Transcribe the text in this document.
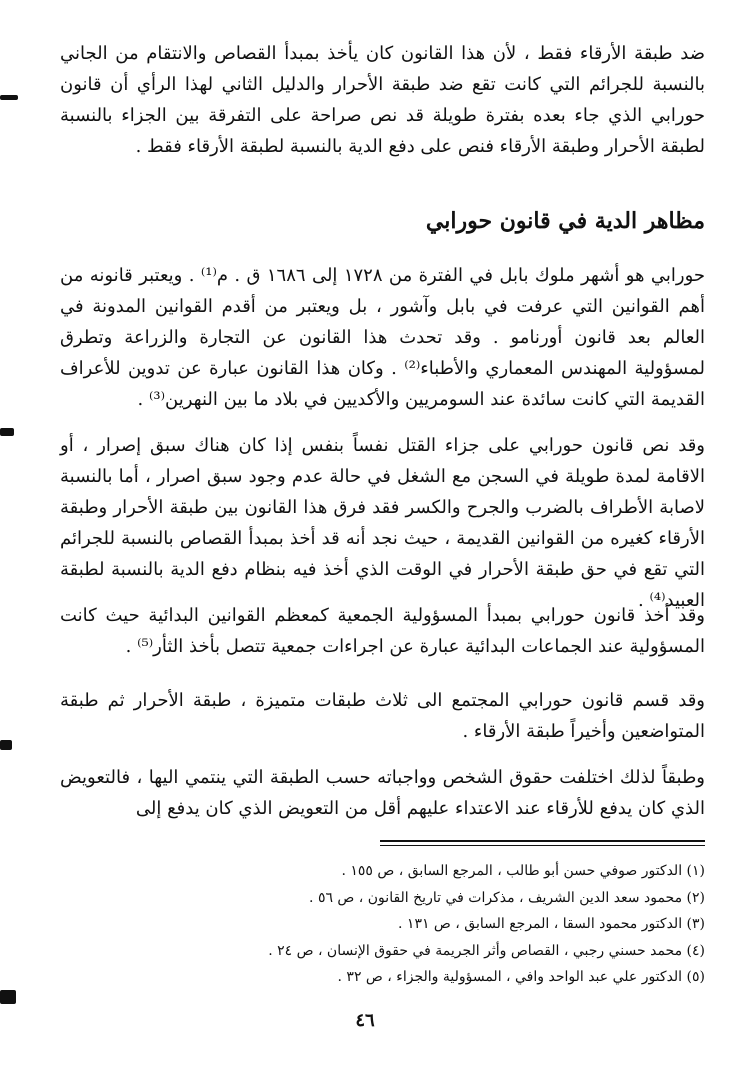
ضد طبقة الأرقاء فقط ، لأن هذا القانون كان يأخذ بمبدأ القصاص والانتقام من الجاني بالنسبة للجرائم التي كانت تقع ضد طبقة الأحرار والدليل الثاني لهذا الرأي أن قانون حورابي الذي جاء بعده بفترة طويلة قد نص صراحة على التفرقة بين الجزاء بالنسبة لطبقة الأحرار وطبقة الأرقاء فنص على دفع الدية بالنسبة لطبقة الأرقاء فقط .

مظاهر الدية في قانون حورابي

حورابي هو أشهر ملوك بابل في الفترة من ١٧٢٨ إلى ١٦٨٦ ق . م⁽¹⁾ . ويعتبر قانونه من أهم القوانين التي عرفت في بابل وآشور ، بل ويعتبر من أقدم القوانين المدونة في العالم بعد قانون أورنامو . وقد تحدث هذا القانون عن التجارة والزراعة وتطرق لمسؤولية المهندس المعماري والأطباء⁽²⁾ . وكان هذا القانون عبارة عن تدوين للأعراف القديمة التي كانت سائدة عند السومريين والأكديين في بلاد ما بين النهرين⁽³⁾ .

وقد نص قانون حورابي على جزاء القتل نفساً بنفس إذا كان هناك سبق إصرار ، أو الاقامة لمدة طويلة في السجن مع الشغل في حالة عدم وجود سبق اصرار ، أما بالنسبة لاصابة الأطراف بالضرب والجرح والكسر فقد فرق هذا القانون بين طبقة الأحرار وطبقة الأرقاء كغيره من القوانين القديمة ، حيث نجد أنه قد أخذ بمبدأ القصاص بالنسبة للجرائم التي تقع في حق طبقة الأحرار في الوقت الذي أخذ فيه بنظام دفع الدية بالنسبة لطبقة العبيد⁽⁴⁾ .

وقد أخذ قانون حورابي بمبدأ المسؤولية الجمعية كمعظم القوانين البدائية حيث كانت المسؤولية عند الجماعات البدائية عبارة عن اجراءات جمعية تتصل بأخذ الثأر⁽⁵⁾ .

وقد قسم قانون حورابي المجتمع الى ثلاث طبقات متميزة ، طبقة الأحرار ثم طبقة المتواضعين وأخيراً طبقة الأرقاء .

وطبقاً لذلك اختلفت حقوق الشخص وواجباته حسب الطبقة التي ينتمي اليها ، فالتعويض الذي كان يدفع للأرقاء عند الاعتداء عليهم أقل من التعويض الذي كان يدفع إلى

(١) الدكتور صوفي حسن أبو طالب ، المرجع السابق ، ص ١٥٥ .
(٢) محمود سعد الدين الشريف ، مذكرات في تاريخ القانون ، ص ٥٦ .
(٣) الدكتور محمود السقا ، المرجع السابق ، ص ١٣١ .
(٤) محمد حسني رجبي ، القصاص وأثر الجريمة في حقوق الإنسان ، ص ٢٤ .
(٥) الدكتور علي عبد الواحد وافي ، المسؤولية والجزاء ، ص ٣٢ .
٤٦
